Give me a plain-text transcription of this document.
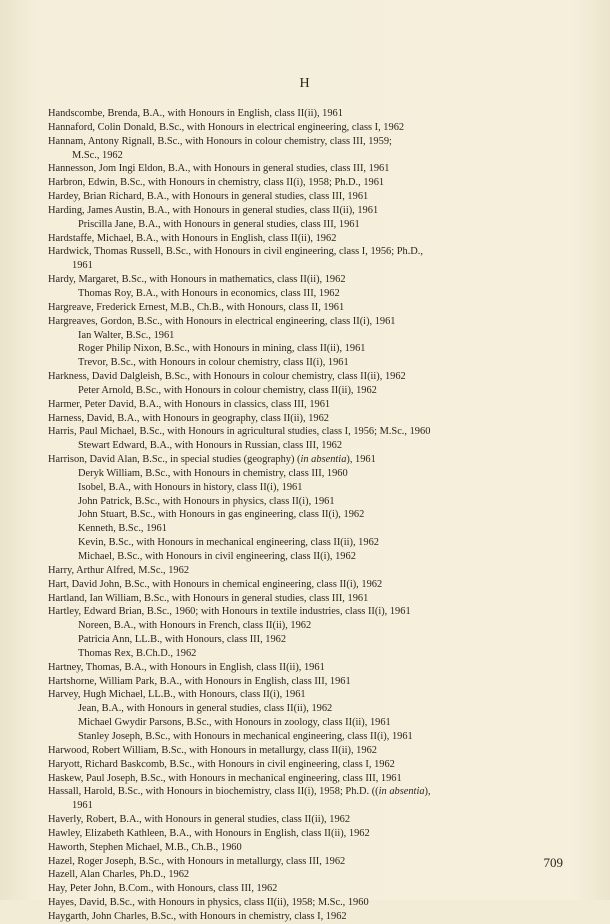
H
Handscombe, Brenda, B.A., with Honours in English, class II(ii), 1961
Hannaford, Colin Donald, B.Sc., with Honours in electrical engineering, class I, 1962
Hannam, Antony Rignall, B.Sc., with Honours in colour chemistry, class III, 1959;
M.Sc., 1962
Hannesson, Jom Ingi Eldon, B.A., with Honours in general studies, class III, 1961
Harbron, Edwin, B.Sc., with Honours in chemistry, class II(i), 1958; Ph.D., 1961
Hardey, Brian Richard, B.A., with Honours in general studies, class III, 1961
Harding, James Austin, B.A., with Honours in general studies, class II(ii), 1961
Priscilla Jane, B.A., with Honours in general studies, class III, 1961
Hardstaffe, Michael, B.A., with Honours in English, class II(ii), 1962
Hardwick, Thomas Russell, B.Sc., with Honours in civil engineering, class I, 1956; Ph.D.,
1961
Hardy, Margaret, B.Sc., with Honours in mathematics, class II(ii), 1962
Thomas Roy, B.A., with Honours in economics, class III, 1962
Hargreave, Frederick Ernest, M.B., Ch.B., with Honours, class II, 1961
Hargreaves, Gordon, B.Sc., with Honours in electrical engineering, class II(i), 1961
Ian Walter, B.Sc., 1961
Roger Philip Nixon, B.Sc., with Honours in mining, class II(ii), 1961
Trevor, B.Sc., with Honours in colour chemistry, class II(i), 1961
Harkness, David Dalgleish, B.Sc., with Honours in colour chemistry, class II(ii), 1962
Peter Arnold, B.Sc., with Honours in colour chemistry, class II(ii), 1962
Harmer, Peter David, B.A., with Honours in classics, class III, 1961
Harness, David, B.A., with Honours in geography, class II(ii), 1962
Harris, Paul Michael, B.Sc., with Honours in agricultural studies, class I, 1956; M.Sc., 1960
Stewart Edward, B.A., with Honours in Russian, class III, 1962
Harrison, David Alan, B.Sc., in special studies (geography) (in absentia), 1961
Deryk William, B.Sc., with Honours in chemistry, class III, 1960
Isobel, B.A., with Honours in history, class II(i), 1961
John Patrick, B.Sc., with Honours in physics, class II(i), 1961
John Stuart, B.Sc., with Honours in gas engineering, class II(i), 1962
Kenneth, B.Sc., 1961
Kevin, B.Sc., with Honours in mechanical engineering, class II(ii), 1962
Michael, B.Sc., with Honours in civil engineering, class II(i), 1962
Harry, Arthur Alfred, M.Sc., 1962
Hart, David John, B.Sc., with Honours in chemical engineering, class II(i), 1962
Hartland, Ian William, B.Sc., with Honours in general studies, class III, 1961
Hartley, Edward Brian, B.Sc., 1960; with Honours in textile industries, class II(i), 1961
Noreen, B.A., with Honours in French, class II(ii), 1962
Patricia Ann, LL.B., with Honours, class III, 1962
Thomas Rex, B.Ch.D., 1962
Hartney, Thomas, B.A., with Honours in English, class II(ii), 1961
Hartshorne, William Park, B.A., with Honours in English, class III, 1961
Harvey, Hugh Michael, LL.B., with Honours, class II(i), 1961
Jean, B.A., with Honours in general studies, class II(ii), 1962
Michael Gwydir Parsons, B.Sc., with Honours in zoology, class II(ii), 1961
Stanley Joseph, B.Sc., with Honours in mechanical engineering, class II(i), 1961
Harwood, Robert William, B.Sc., with Honours in metallurgy, class II(ii), 1962
Haryott, Richard Baskcomb, B.Sc., with Honours in civil engineering, class I, 1962
Haskew, Paul Joseph, B.Sc., with Honours in mechanical engineering, class III, 1961
Hassall, Harold, B.Sc., with Honours in biochemistry, class II(i), 1958; Ph.D. ((in absentia),
1961
Haverly, Robert, B.A., with Honours in general studies, class II(ii), 1962
Hawley, Elizabeth Kathleen, B.A., with Honours in English, class II(ii), 1962
Haworth, Stephen Michael, M.B., Ch.B., 1960
Hazel, Roger Joseph, B.Sc., with Honours in metallurgy, class III, 1962
Hazell, Alan Charles, Ph.D., 1962
Hay, Peter John, B.Com., with Honours, class III, 1962
Hayes, David, B.Sc., with Honours in physics, class II(ii), 1958; M.Sc., 1960
Haygarth, John Charles, B.Sc., with Honours in chemistry, class I, 1962
709
